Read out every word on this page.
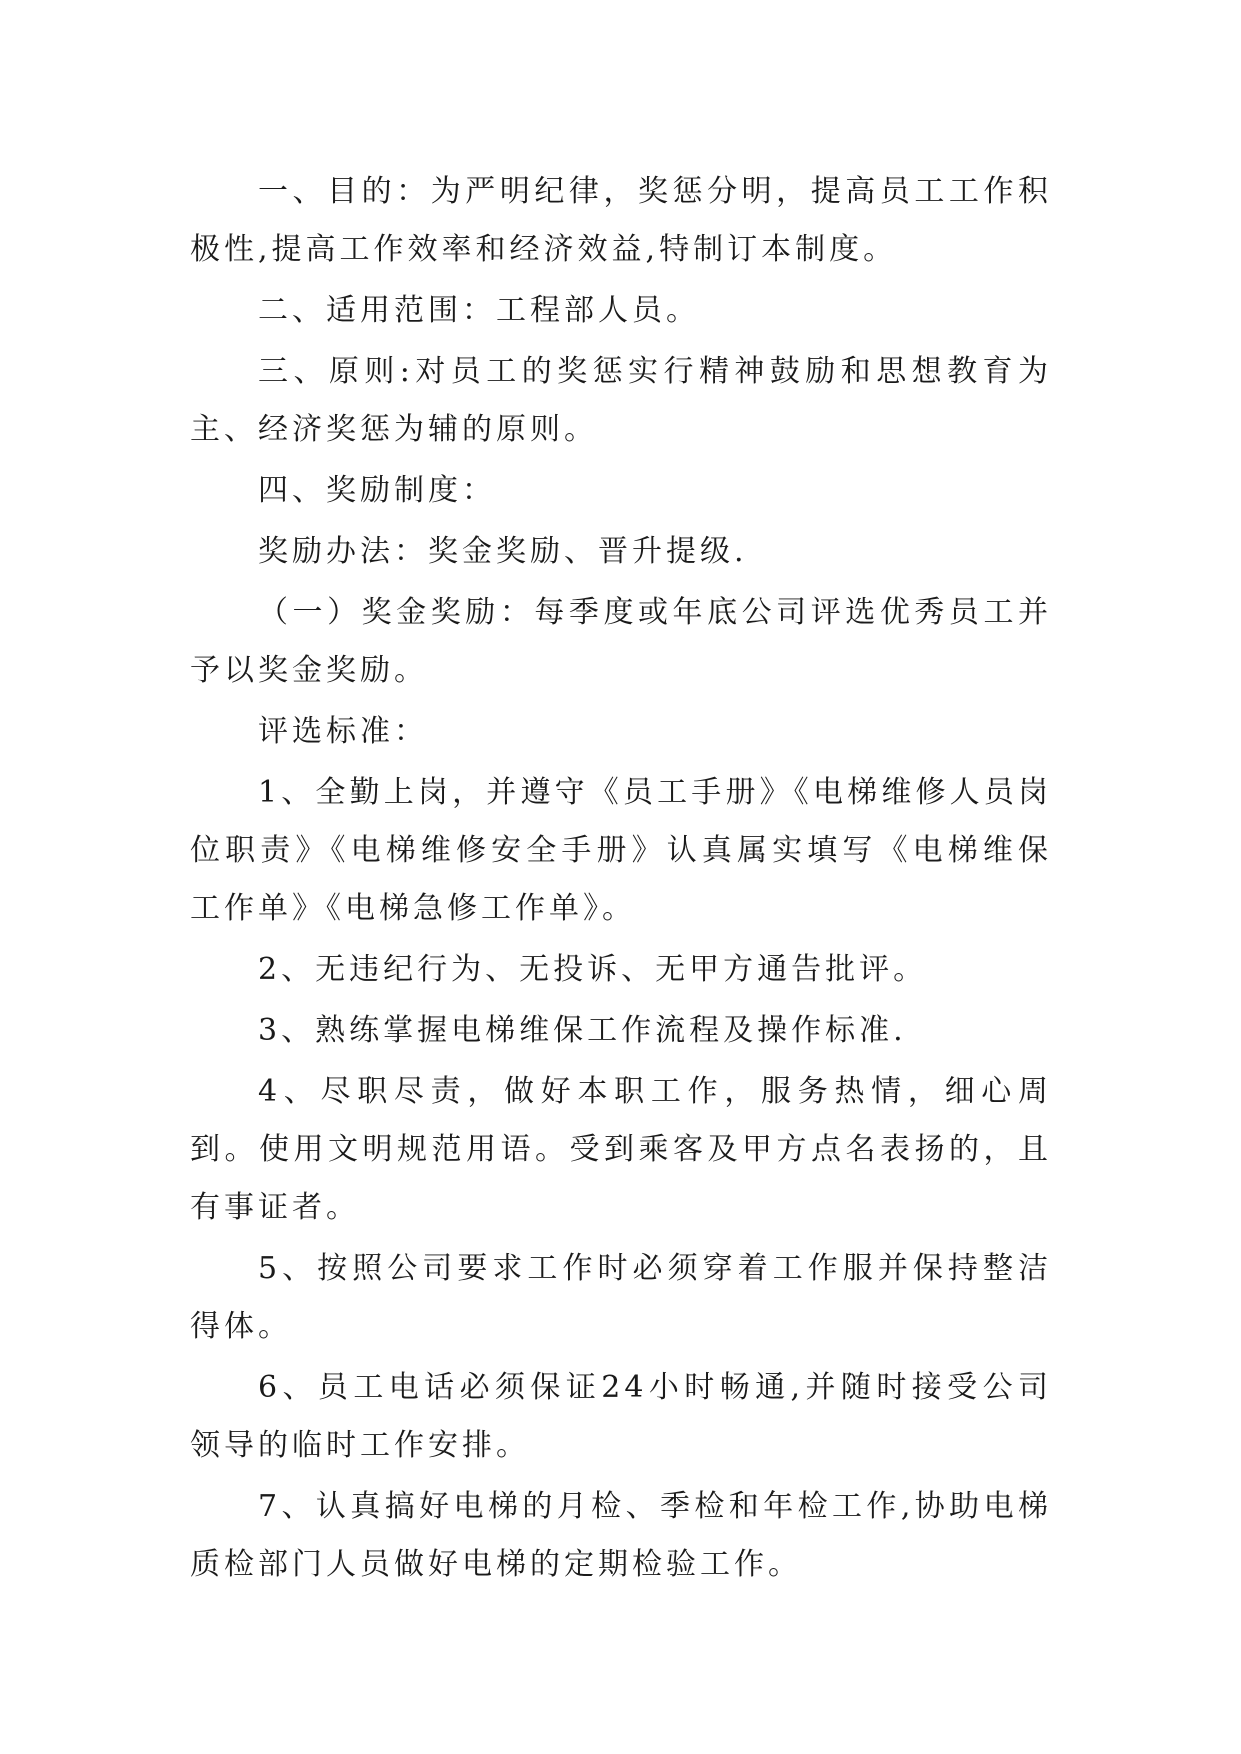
一、目的：为严明纪律，奖惩分明，提高员工工作积极性,提高工作效率和经济效益,特制订本制度。

二、适用范围：工程部人员。

三、原则:对员工的奖惩实行精神鼓励和思想教育为主、经济奖惩为辅的原则。

四、奖励制度：

奖励办法：奖金奖励、晋升提级.

（一）奖金奖励：每季度或年底公司评选优秀员工并予以奖金奖励。

评选标准：

1、全勤上岗，并遵守《员工手册》《电梯维修人员岗位职责》《电梯维修安全手册》认真属实填写《电梯维保工作单》《电梯急修工作单》。

2、无违纪行为、无投诉、无甲方通告批评。

3、熟练掌握电梯维保工作流程及操作标准.

4、尽职尽责，做好本职工作，服务热情，细心周到。使用文明规范用语。受到乘客及甲方点名表扬的，且有事证者。

5、按照公司要求工作时必须穿着工作服并保持整洁得体。

6、员工电话必须保证24小时畅通,并随时接受公司领导的临时工作安排。

7、认真搞好电梯的月检、季检和年检工作,协助电梯质检部门人员做好电梯的定期检验工作。
